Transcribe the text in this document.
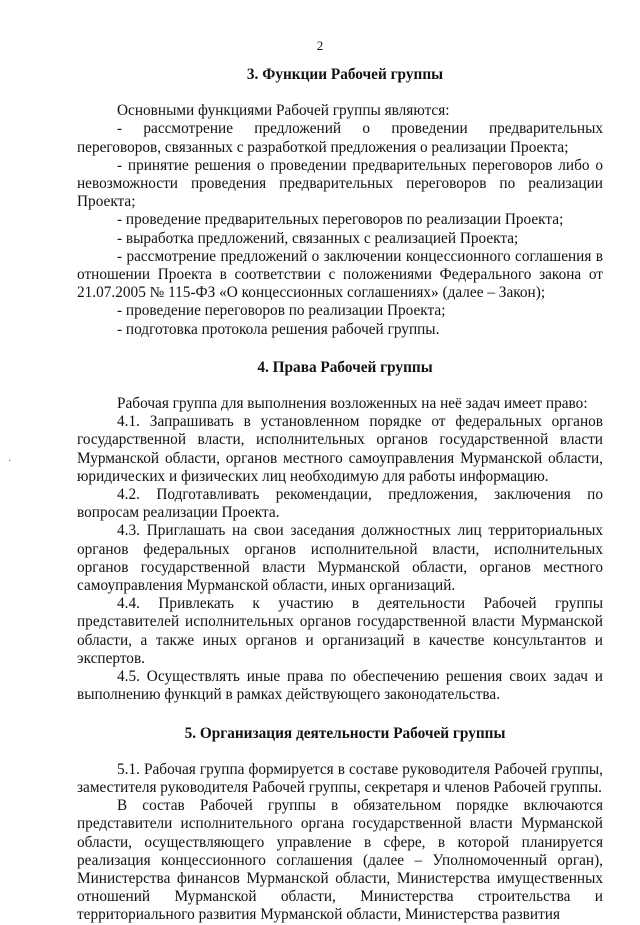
2
·

3. Функции Рабочей группы

Основными функциями Рабочей группы являются:

- рассмотрение предложений о проведении предварительных переговоров, связанных с разработкой предложения о реализации Проекта;

- принятие решения о проведении предварительных переговоров либо о невозможности проведения предварительных переговоров по реализации Проекта;

- проведение предварительных переговоров по реализации Проекта;

- выработка предложений, связанных с реализацией Проекта;

- рассмотрение предложений о заключении концессионного соглашения в отношении Проекта в соответствии с положениями Федерального закона от 21.07.2005 № 115-ФЗ «О концессионных соглашениях» (далее – Закон);

- проведение переговоров по реализации Проекта;

- подготовка протокола решения рабочей группы.

4. Права Рабочей группы

Рабочая группа для выполнения возложенных на неё задач имеет право:

4.1. Запрашивать в установленном порядке от федеральных органов государственной власти, исполнительных органов государственной власти Мурманской области, органов местного самоуправления Мурманской области, юридических и физических лиц необходимую для работы информацию.

4.2. Подготавливать рекомендации, предложения, заключения по вопросам реализации Проекта.

4.3. Приглашать на свои заседания должностных лиц территориальных органов федеральных органов исполнительной власти, исполнительных органов государственной власти Мурманской области, органов местного самоуправления Мурманской области, иных организаций.

4.4. Привлекать к участию в деятельности Рабочей группы представителей исполнительных органов государственной власти Мурманской области, а также иных органов и организаций в качестве консультантов и экспертов.

4.5. Осуществлять иные права по обеспечению решения своих задач и выполнению функций в рамках действующего законодательства.

5. Организация деятельности Рабочей группы

5.1. Рабочая группа формируется в составе руководителя Рабочей группы, заместителя руководителя Рабочей группы, секретаря и членов Рабочей группы.

В состав Рабочей группы в обязательном порядке включаются представители исполнительного органа государственной власти Мурманской области, осуществляющего управление в сфере, в которой планируется реализация концессионного соглашения (далее – Уполномоченный орган), Министерства финансов Мурманской области, Министерства имущественных отношений Мурманской области, Министерства строительства и территориального развития Мурманской области, Министерства развития
